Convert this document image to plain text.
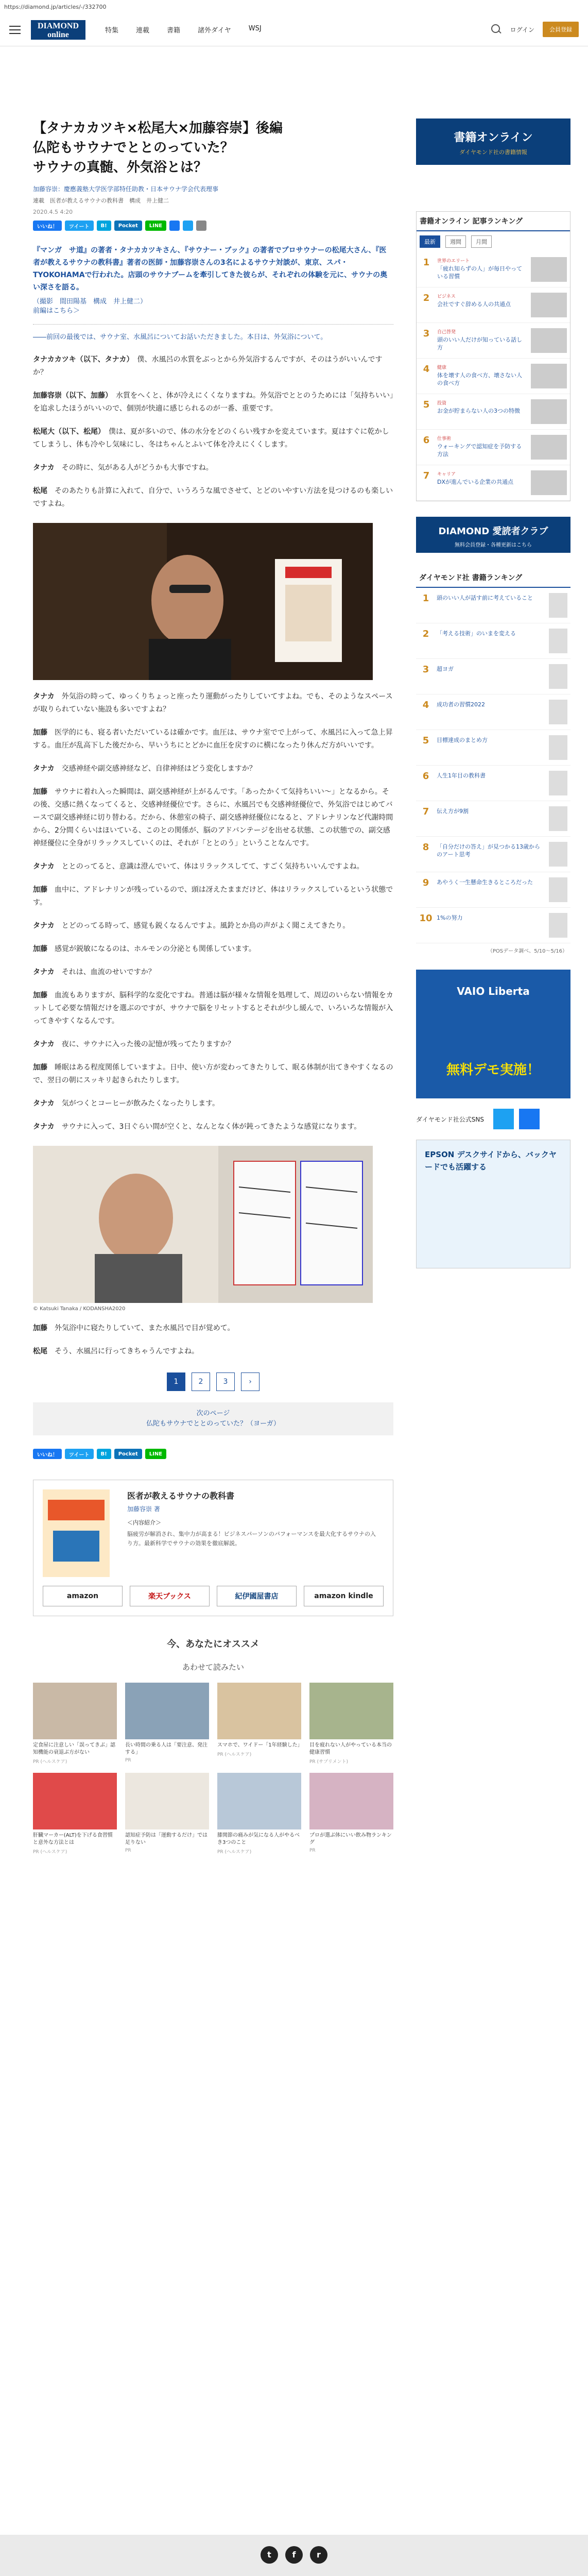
https://diamond.jp/articles/-/332700
DIAMOND
online	特集	連載	書籍	諸外ダイヤ	WSJ	ログイン	会員登録
【タナカカツキ×松尾大×加藤容崇】後編
仏陀もサウナでととのっていた？
サウナの真髄、外気浴とは？
加藤容崇：慶應義塾大学医学部特任助教・日本サウナ学会代表理事
連載　医者が教えるサウナの教科書　構成　井上健二
2020.4.5 4:20
いいね！	ツイート	B!	Pocket	LINE
『マンガ　サ道』の著者・タナカカツキさん、『サウナー・ブック』の著者でプロサウナーの松尾大さん、『医者が教えるサウナの教科書』著者の医師・加藤容崇さんの3名によるサウナ対談が、東京、スパ・TYOKOHAMAで行われた。店頭のサウナブームを牽引してきた彼らが、それぞれの体験を元に、サウナの奥い深さを語る。
（撮影　間田陽基　構成　井上健二）
前編はこちら＞
――前回の最後では、サウナ室、水風呂についてお話いただきました。本日は、外気浴について。

タナカカツキ（以下、タナカ）　 僕、水風呂の水質をぶっとから外気浴するんですが、そのはうがいいんですか？

加藤容崇（以下、加藤）　 水質をへくと、体が冷えにくくなりますね。外気浴でととのうためには「気持ちいい」を追求したほうがいいので、個別が快適に感じられるのが一番、重要です。

松尾大（以下、松尾）　 僕は、夏が多いので、体の水分をどのくらい残すかを変えています。夏はすぐに乾かしてしまうし、体も冷やし気味にし、冬はちゃんとふいて体を冷えにくくします。

タナカ　 その時に、気がある人がどうかも大事ですね。

松尾　 そのあたりも計算に入れて、自分で、いうろうな風でさせて、とどのいやすい方法を見つけるのも楽しいですよね。

タナカ　 外気浴の時って、ゆっくりちょっと座ったり運動がったりしていてすよね。でも、そのようなスペースが取りられていない施設も多いですよね？

加藤　 医学的にも、寝る者いただいているは確かです。血圧は、サウナ室でで上がって、水風呂に入って急上昇する。血圧が乱高下した後だから、早いうちにとどかに血圧を戻すのに横になったり休んだ方がいいです。

タナカ　 交感神経や副交感神経など、自律神経はどう変化しますか？

加藤　 サウナに着れ入った瞬間は、副交感神経が上がるんです。「あったかくて気持ちいい～」となるから。その後、交感に熱くなってくると、交感神経優位です。さらに、水風呂でも交感神経優位で、外気浴ではじめてバースで副交感神経に切り替わる。だから、休憩室の椅子、副交感神経優位になると、アドレナリンなど代謝時間から、2分間くらいはほいている、このとの関係が、脳のアドバンテージを出せる状態、この状態での、副交感神経優位に全身がリラックスしていくのは、それが「ととのう」ということなんです。

タナカ　 ととのってると、意識は澄んでいて、体はリラックスしてて、すごく気持ちいいんですよね。

加藤　 血中に、アドレナリンが残っているので、頭は冴えたままだけど、体はリラックスしているという状態です。

タナカ　 とどのってる時って、感覚も鋭くなるんですよ。風鈴とか鳥の声がよく聞こえてきたり。

加藤　 感覚が鋭敏になるのは、ホルモンの分泌とも関係しています。

タナカ　 それは、血流のせいですか？

加藤　 血流もありますが、脳科学的な変化ですね。普通は脳が様々な情報を処理して、周辺のいらない情報をカットして必要な情報だけを選ぶのですが、サウナで脳をリセットするとそれが少し緩んで、いろいろな情報が入ってきやすくなるんです。

タナカ　 夜に、サウナに入った後の記憶が残ってたりますか？

加藤　 睡眠はある程度関係していますよ。日中、使い方が変わってきたりして、眠る体制が出てきやすくなるので、翌日の朝にスッキリ起きられたりします。

タナカ　 気がつくとコーヒーが飲みたくなったりします。

タナカ　 サウナに入って、3日ぐらい間が空くと、なんとなく体が鈍ってきたような感覚になります。

© Katsuki Tanaka / KODANSHA2020

加藤　 外気浴中に寝たりしていて、また水風呂で目が覚めて。

松尾　 そう、水風呂に行ってきちゃうんですよね。

1	2	3	›
次のページ
仏陀もサウナでととのっていた？（ヨーガ）
いいね！	ツイート	B!	Pocket	LINE
医者が教えるサウナの教科書
加藤容崇 著
＜内容紹介＞
脳疲労が解消され、集中力が高まる！ビジネスパーソンのパフォーマンスを最大化するサウナの入り方。最新科学でサウナの効果を徹底解説。
amazon	楽天ブックス	紀伊國屋書店	amazon kindle
今、あなたにオススメ
あわせて読みたい
定食屋に注意しい「誤ってきぶ」認知機能の衰退ぶ方がない
PR (ヘルスケア)
長い時間の乗る人は「要注意、発注する」
PR
スマホで、ワイドー「1年経験した」
PR (ヘルスケア)
目を疲れない人がやっている本当の健康習慣
PR (サプリメント)
肝臓マーカー(ALT)を下げる食習慣と意外な方法とは
PR (ヘルスケア)
認知症予防は「運動するだけ」では足りない
PR
膝関節の痛みが気になる人がやるべき3つのこと
PR (ヘルスケア)
プロが選ぶ体にいい飲み物ランキング
PR
書籍オンライン
ダイヤモンド社の書籍情報
書籍オンライン 記事ランキング
最新	週間	月間
1	世界のエリート
「疲れ知らずの人」が毎日やっている習慣
2	ビジネス
会社ですぐ辞める人の共通点
3	自己啓発
頭のいい人だけが知っている話し方
4	健康
体を壊す人の食べ方、壊さない人の食べ方
5	投資
お金が貯まらない人の3つの特徴
6	仕事術
ウォーキングで認知症を予防する方法
7	キャリア
DXが進んでいる企業の共通点
DIAMOND 愛読者クラブ
無料会員登録・各種更新はこちら
ダイヤモンド社 書籍ランキング
1	頭のいい人が話す前に考えていること
2	「考える技術」のいまを変える
3	超ヨガ
4	成功者の習慣2022
5	目標達成のまとめ方
6	人生1年目の教科書
7	伝え方が9割
8	「自分だけの答え」が見つかる13歳からのアート思考
9	あやうく一生懸命生きるところだった
10 1%の努力
（POSデータ調べ、5/10～5/16）
VAIO Liberta
無料デモ実施！
ダイヤモンド社公式SNS
EPSON デスクサイドから、バックヤードでも活躍する
t	f	r
